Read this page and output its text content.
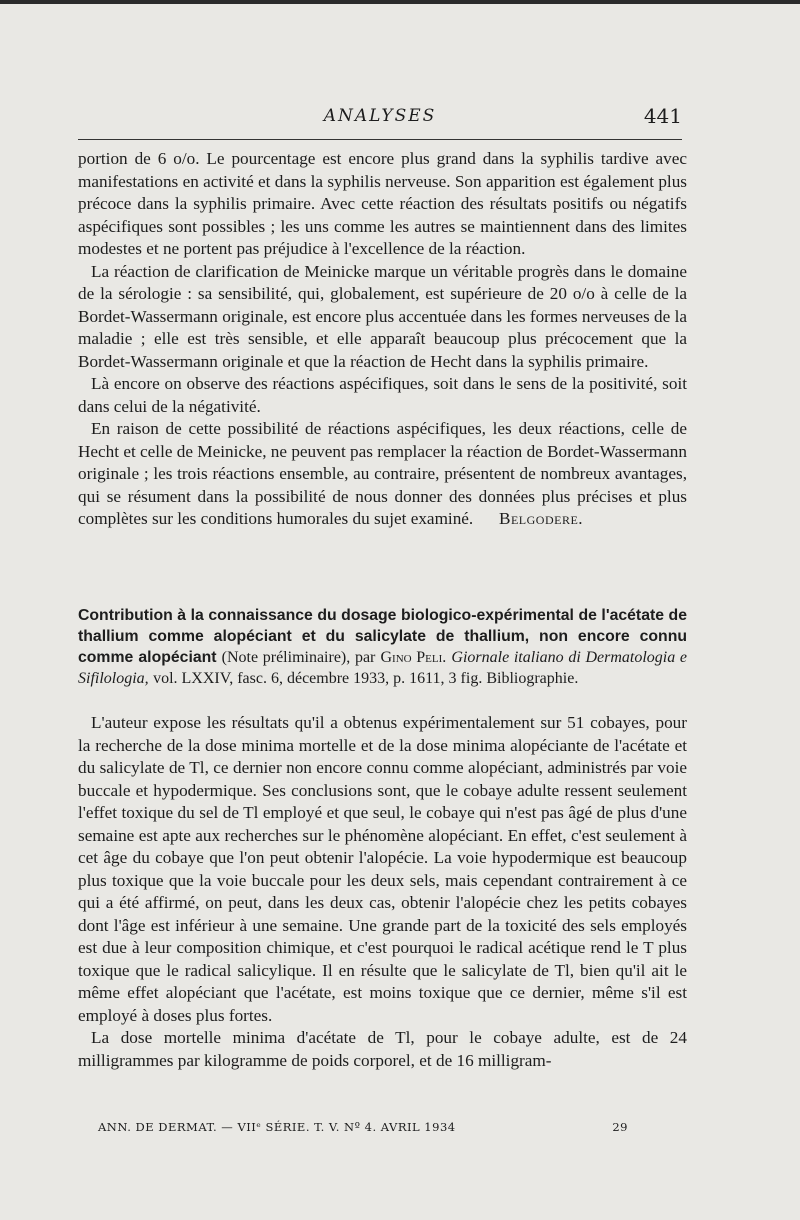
ANALYSES	441

portion de 6 o/o. Le pourcentage est encore plus grand dans la syphilis tardive avec manifestations en activité et dans la syphilis nerveuse. Son apparition est également plus précoce dans la syphilis primaire. Avec cette réaction des résultats positifs ou négatifs aspécifiques sont possibles ; les uns comme les autres se maintiennent dans des limites modestes et ne portent pas préjudice à l'excellence de la réaction.

La réaction de clarification de Meinicke marque un véritable progrès dans le domaine de la sérologie : sa sensibilité, qui, globalement, est supérieure de 20 o/o à celle de la Bordet-Wassermann originale, est encore plus accentuée dans les formes nerveuses de la maladie ; elle est très sensible, et elle apparaît beaucoup plus précocement que la Bordet-Wassermann originale et que la réaction de Hecht dans la syphilis primaire.

Là encore on observe des réactions aspécifiques, soit dans le sens de la positivité, soit dans celui de la négativité.

En raison de cette possibilité de réactions aspécifiques, les deux réactions, celle de Hecht et celle de Meinicke, ne peuvent pas remplacer la réaction de Bordet-Wassermann originale ; les trois réactions ensemble, au contraire, présentent de nombreux avantages, qui se résument dans la possibilité de nous donner des données plus précises et plus complètes sur les conditions humorales du sujet examiné. Belgodere.

Contribution à la connaissance du dosage biologico-expérimental de l'acétate de thallium comme alopéciant et du salicylate de thallium, non encore connu comme alopéciant (Note préliminaire), par Gino Peli. Giornale italiano di Dermatologia e Sifilologia, vol. LXXIV, fasc. 6, décembre 1933, p. 1611, 3 fig. Bibliographie.

L'auteur expose les résultats qu'il a obtenus expérimentalement sur 51 cobayes, pour la recherche de la dose minima mortelle et de la dose minima alopéciante de l'acétate et du salicylate de Tl, ce dernier non encore connu comme alopéciant, administrés par voie buccale et hypodermique. Ses conclusions sont, que le cobaye adulte ressent seulement l'effet toxique du sel de Tl employé et que seul, le cobaye qui n'est pas âgé de plus d'une semaine est apte aux recherches sur le phénomène alopéciant. En effet, c'est seulement à cet âge du cobaye que l'on peut obtenir l'alopécie. La voie hypodermique est beaucoup plus toxique que la voie buccale pour les deux sels, mais cependant contrairement à ce qui a été affirmé, on peut, dans les deux cas, obtenir l'alopécie chez les petits cobayes dont l'âge est inférieur à une semaine. Une grande part de la toxicité des sels employés est due à leur composition chimique, et c'est pourquoi le radical acétique rend le T plus toxique que le radical salicylique. Il en résulte que le salicylate de Tl, bien qu'il ait le même effet alopéciant que l'acétate, est moins toxique que ce dernier, même s'il est employé à doses plus fortes.

La dose mortelle minima d'acétate de Tl, pour le cobaye adulte, est de 24 milligrammes par kilogramme de poids corporel, et de 16 milligram-

ANN. DE DERMAT. — VIIᵉ SÉRIE. T. V. Nº 4. AVRIL 1934	29
